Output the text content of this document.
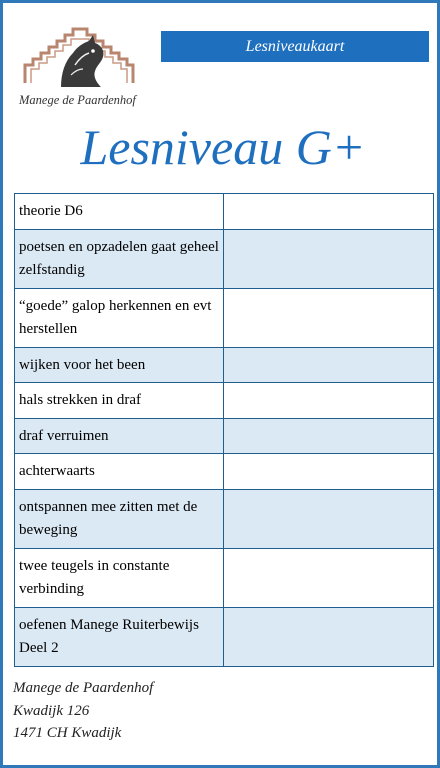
Manege de Paardenhof
Lesniveaukaart
Lesniveau G+
theorie D6	
poetsen en opzadelen gaat geheel zelfstandig	
“goede” galop herkennen en evt herstellen	
wijken voor het been	
hals strekken in draf	
draf verruimen	
achterwaarts	
ontspannen mee zitten met de beweging	
twee teugels in constante verbinding	
oefenen Manege Ruiterbewijs Deel 2	
Manege de Paardenhof
Kwadijk 126
1471 CH Kwadijk
